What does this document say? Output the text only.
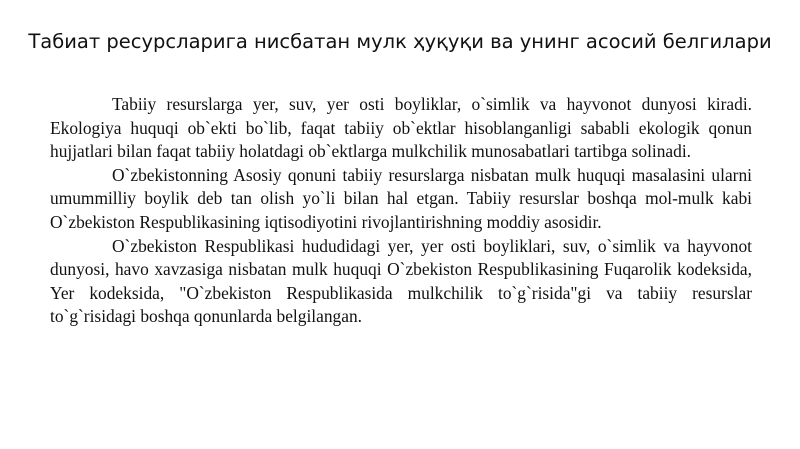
Табиат ресурсларига нисбатан мулк ҳуқуқи ва унинг асосий белгилари

Tabiiy resurslarga yer, suv, yer osti boyliklar, o`simlik va hayvonot dunyosi kiradi. Ekologiya huquqi ob`ekti bo`lib, faqat tabiiy ob`ektlar hisoblanganligi sababli ekologik qonun hujjatlari bilan faqat tabiiy holatdagi ob`ektlarga mulkchilik munosabatlari tartibga solinadi.

O`zbekistonning Asosiy qonuni tabiiy resurslarga nisbatan mulk huquqi masalasini ularni umummilliy boylik deb tan olish yo`li bilan hal etgan. Tabiiy resurslar boshqa mol-mulk kabi O`zbekiston Respublikasining iqtisodiyotini rivojlantirishning moddiy asosidir.

O`zbekiston Respublikasi hududidagi yer, yer osti boyliklari, suv, o`simlik va hayvonot dunyosi, havo xavzasiga nisbatan mulk huquqi O`zbekiston Respublikasining Fuqarolik kodeksida, Yer kodeksida, "O`zbekiston Respublikasida mulkchilik to`g`risida"gi va tabiiy resurslar to`g`risidagi boshqa qonunlarda belgilangan.
